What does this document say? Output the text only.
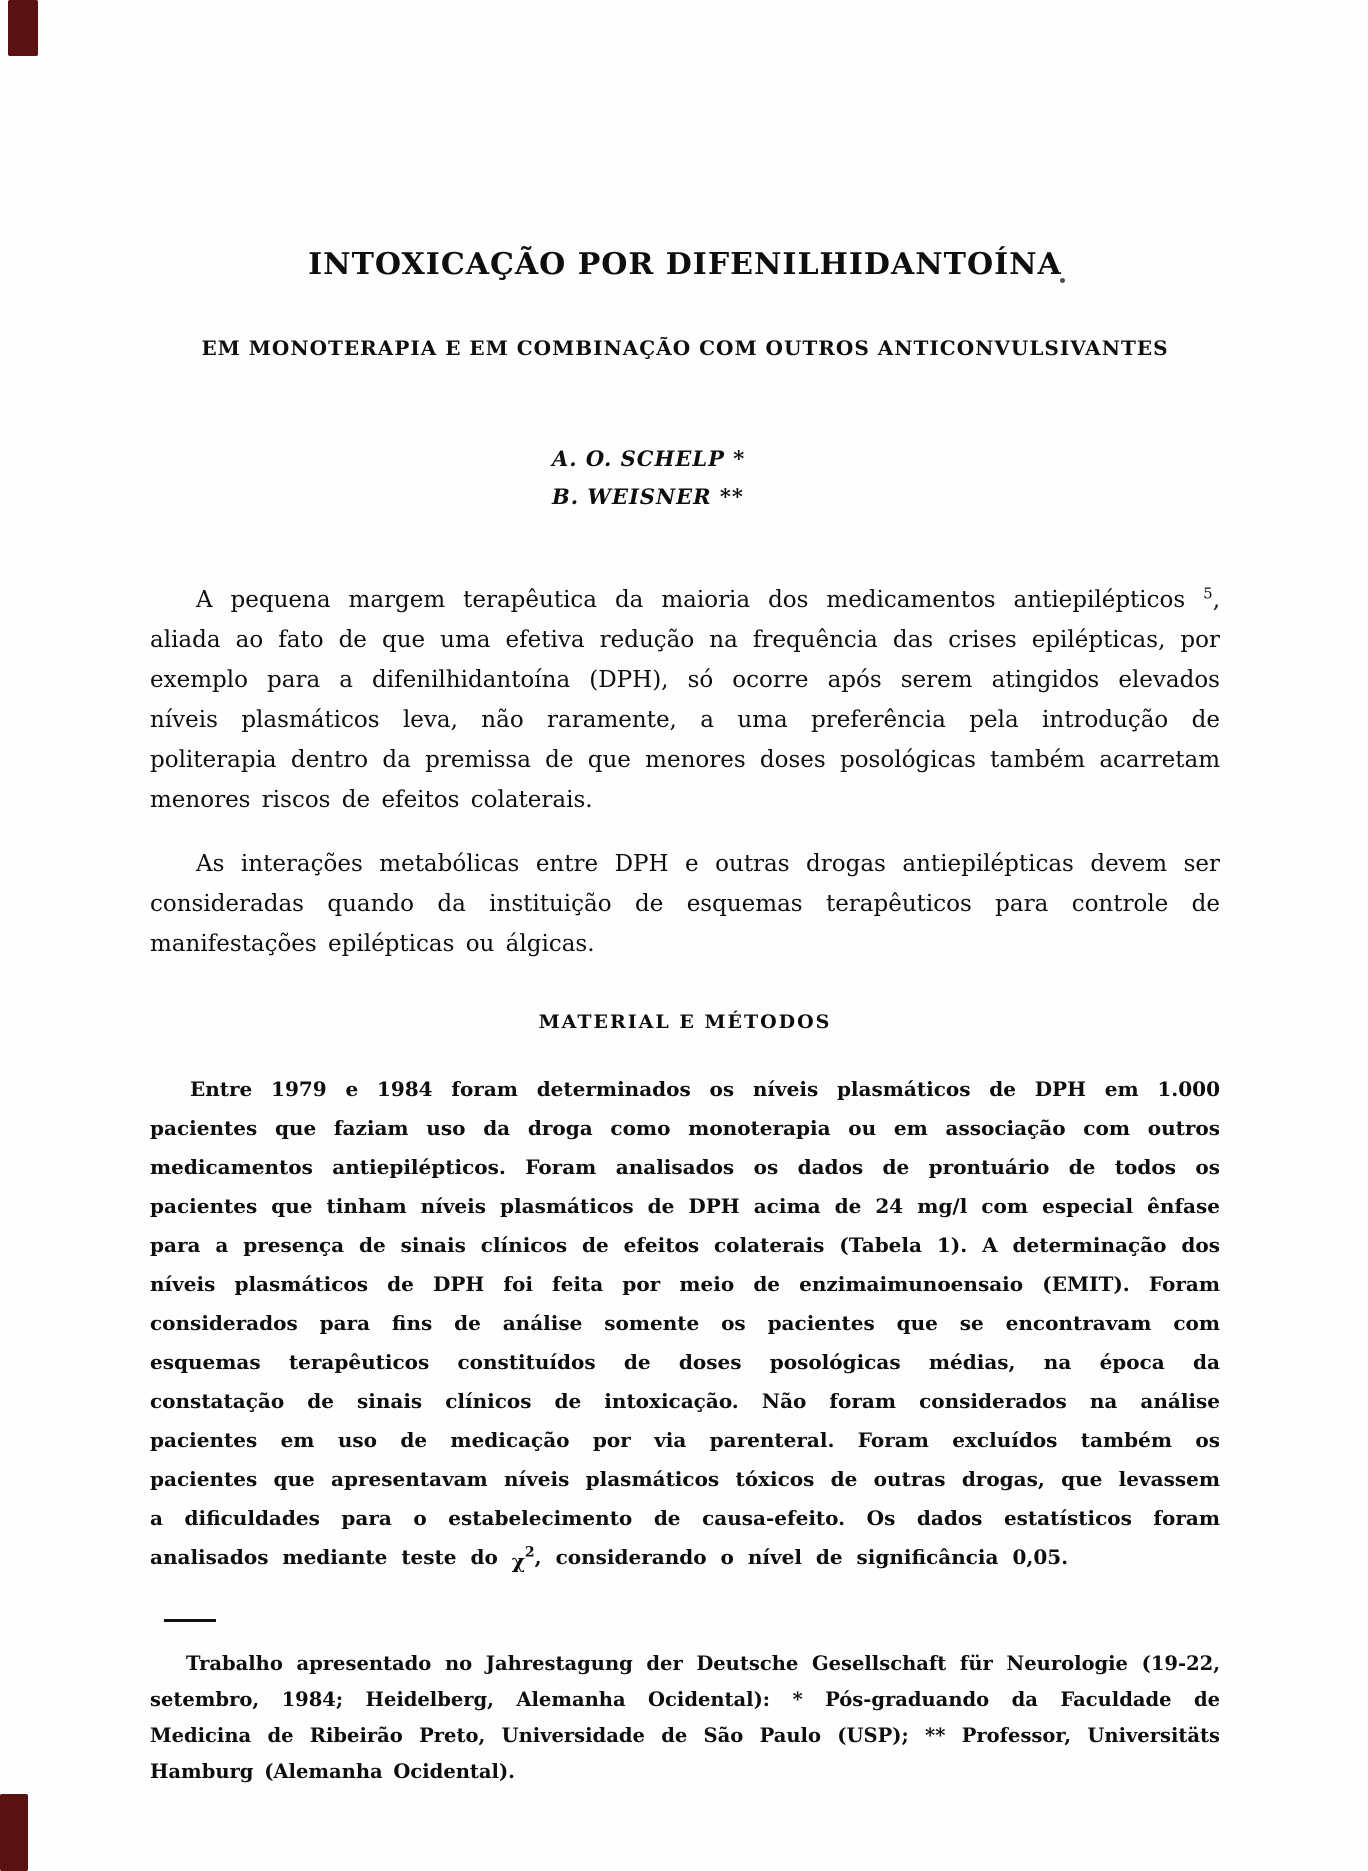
INTOXICAÇÃO POR DIFENILHIDANTOÍNA
EM MONOTERAPIA E EM COMBINAÇÃO COM OUTROS ANTICONVULSIVANTES
A. O. SCHELP *
B. WEISNER **

A pequena margem terapêutica da maioria dos medicamentos antiepilépticos $^5$, aliada ao fato de que uma efetiva redução na frequência das crises epilépticas, por exemplo para a difenilhidantoína (DPH), só ocorre após serem atingidos elevados níveis plasmáticos leva, não raramente, a uma preferência pela introdução de politerapia dentro da premissa de que menores doses posológicas também acarretam menores riscos de efeitos colaterais.

As interações metabólicas entre DPH e outras drogas antiepilépticas devem ser consideradas quando da instituição de esquemas terapêuticos para controle de manifestações epilépticas ou álgicas.

MATERIAL E MÉTODOS

Entre 1979 e 1984 foram determinados os níveis plasmáticos de DPH em 1.000 pacientes que faziam uso da droga como monoterapia ou em associação com outros medicamentos antiepilépticos. Foram analisados os dados de prontuário de todos os pacientes que tinham níveis plasmáticos de DPH acima de 24 mg/l com especial ênfase para a presença de sinais clínicos de efeitos colaterais (Tabela 1). A determinação dos níveis plasmáticos de DPH foi feita por meio de enzimaimunoensaio (EMIT). Foram considerados para fins de análise somente os pacientes que se encontravam com esquemas terapêuticos constituídos de doses posológicas médias, na época da constatação de sinais clínicos de intoxicação. Não foram considerados na análise pacientes em uso de medicação por via parenteral. Foram excluídos também os pacientes que apresentavam níveis plasmáticos tóxicos de outras drogas, que levassem a dificuldades para o estabelecimento de causa-efeito. Os dados estatísticos foram analisados mediante teste do $\chi^2$, considerando o nível de significância 0,05.

Trabalho apresentado no Jahrestagung der Deutsche Gesellschaft für Neurologie (19-22, setembro, 1984; Heidelberg, Alemanha Ocidental): * Pós-graduando da Faculdade de Medicina de Ribeirão Preto, Universidade de São Paulo (USP); ** Professor, Universitäts Hamburg (Alemanha Ocidental).
